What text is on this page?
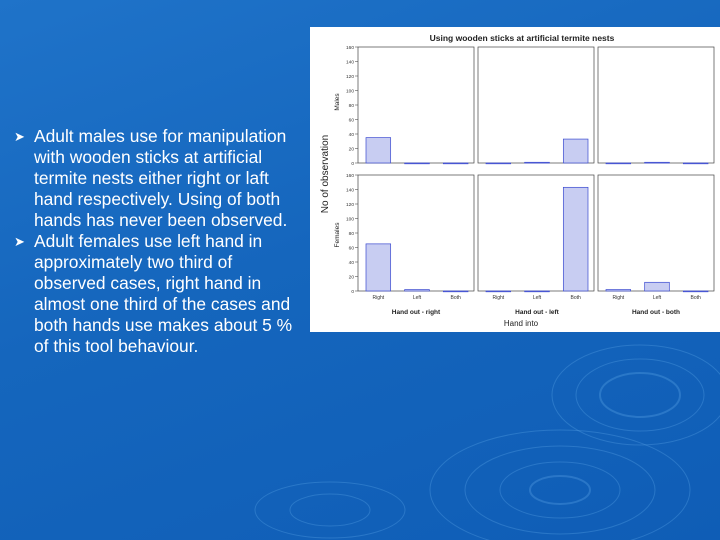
➤ Adult males use for manipulation with wooden sticks at artificial termite nests either right or laft hand respectively. Using of both hands has never been observed.
➤ Adult females use left hand in approximately two third of observed cases, right hand in almost one third of the cases and both hands use makes about 5 % of this tool behaviour.
Using wooden sticks at artificial termite nests
No of observation
Males
Females
Hand out - right	Hand out - left	Hand out - both
Hand into
0
20
40
60
80
100
120
140
160
0
20
40
60
80
100
120
140
160
Right	Left	Both	Right	Left	Both	Right	Left	Both
